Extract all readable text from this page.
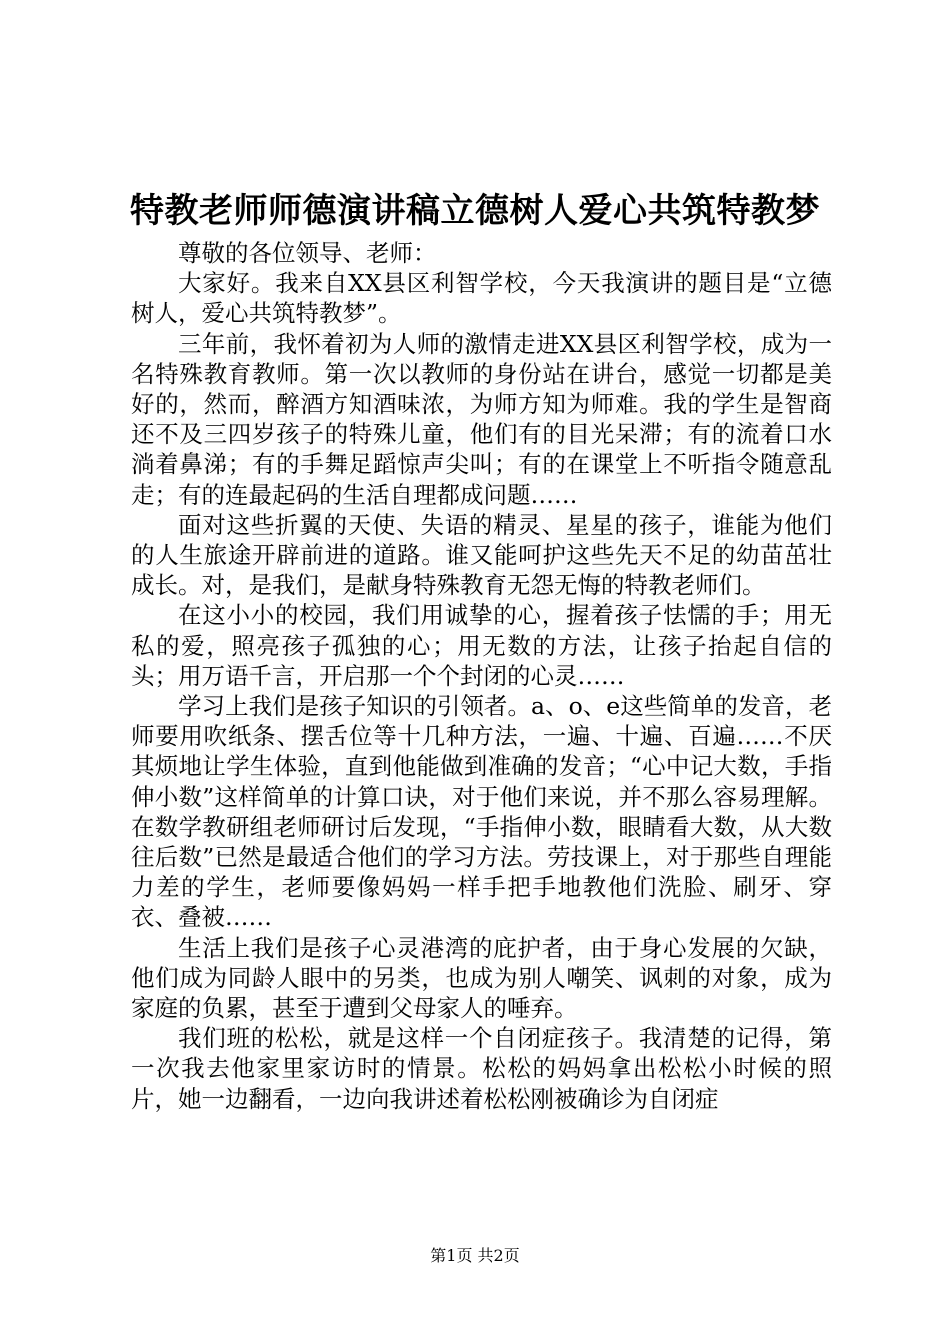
特教老师师德演讲稿立德树人爱心共筑特教梦

尊敬的各位领导、老师：

大家好。我来自XX县区利智学校，今天我演讲的题目是“立德树人，爱心共筑特教梦”。

三年前，我怀着初为人师的激情走进XX县区利智学校，成为一名特殊教育教师。第一次以教师的身份站在讲台，感觉一切都是美好的，然而，醉酒方知酒味浓，为师方知为师难。我的学生是智商还不及三四岁孩子的特殊儿童，他们有的目光呆滞；有的流着口水淌着鼻涕；有的手舞足蹈惊声尖叫；有的在课堂上不听指令随意乱走；有的连最起码的生活自理都成问题……

面对这些折翼的天使、失语的精灵、星星的孩子，谁能为他们的人生旅途开辟前进的道路。谁又能呵护这些先天不足的幼苗茁壮成长。对，是我们，是献身特殊教育无怨无悔的特教老师们。

在这小小的校园，我们用诚挚的心，握着孩子怯懦的手；用无私的爱，照亮孩子孤独的心；用无数的方法，让孩子抬起自信的头；用万语千言，开启那一个个封闭的心灵……

学习上我们是孩子知识的引领者。a、o、e这些简单的发音，老师要用吹纸条、摆舌位等十几种方法，一遍、十遍、百遍……不厌其烦地让学生体验，直到他能做到准确的发音；“心中记大数，手指伸小数”这样简单的计算口诀，对于他们来说，并不那么容易理解。在数学教研组老师研讨后发现，“手指伸小数，眼睛看大数，从大数往后数”已然是最适合他们的学习方法。劳技课上，对于那些自理能力差的学生，老师要像妈妈一样手把手地教他们洗脸、刷牙、穿衣、叠被……

生活上我们是孩子心灵港湾的庇护者，由于身心发展的欠缺，他们成为同龄人眼中的另类，也成为别人嘲笑、讽刺的对象，成为家庭的负累，甚至于遭到父母家人的唾弃。

我们班的松松，就是这样一个自闭症孩子。我清楚的记得，第一次我去他家里家访时的情景。松松的妈妈拿出松松小时候的照片，她一边翻看，一边向我讲述着松松刚被确诊为自闭症

第1页 共2页
